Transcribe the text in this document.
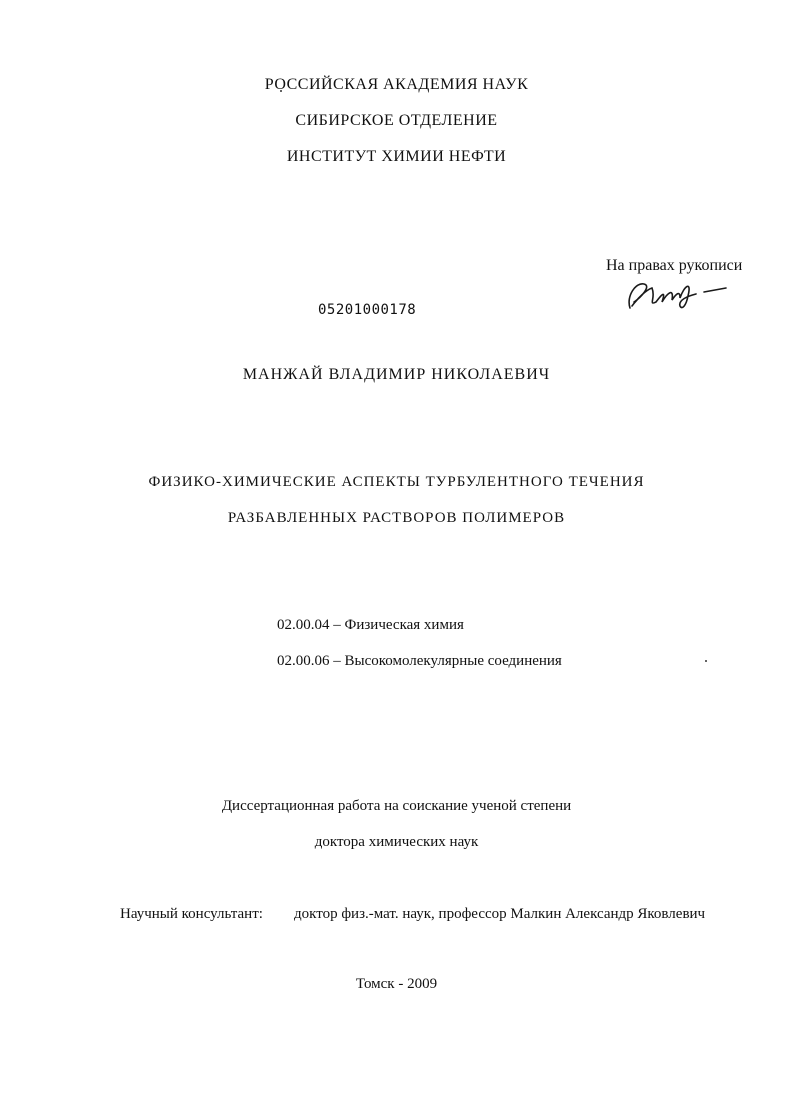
РОССИЙСКАЯ АКАДЕМИЯ НАУК
СИБИРСКОЕ ОТДЕЛЕНИЕ
ИНСТИТУТ ХИМИИ НЕФТИ
На правах рукописи
05201000178
МАНЖАЙ ВЛАДИМИР НИКОЛАЕВИЧ
ФИЗИКО-ХИМИЧЕСКИЕ АСПЕКТЫ ТУРБУЛЕНТНОГО ТЕЧЕНИЯ
РАЗБАВЛЕННЫХ РАСТВОРОВ ПОЛИМЕРОВ
02.00.04 – Физическая химия
02.00.06 – Высокомолекулярные соединения
Диссертационная работа на соискание ученой степени
доктора химических наук
Научный консультант: доктор физ.-мат. наук, профессор Малкин Александр Яковлевич
Томск - 2009
